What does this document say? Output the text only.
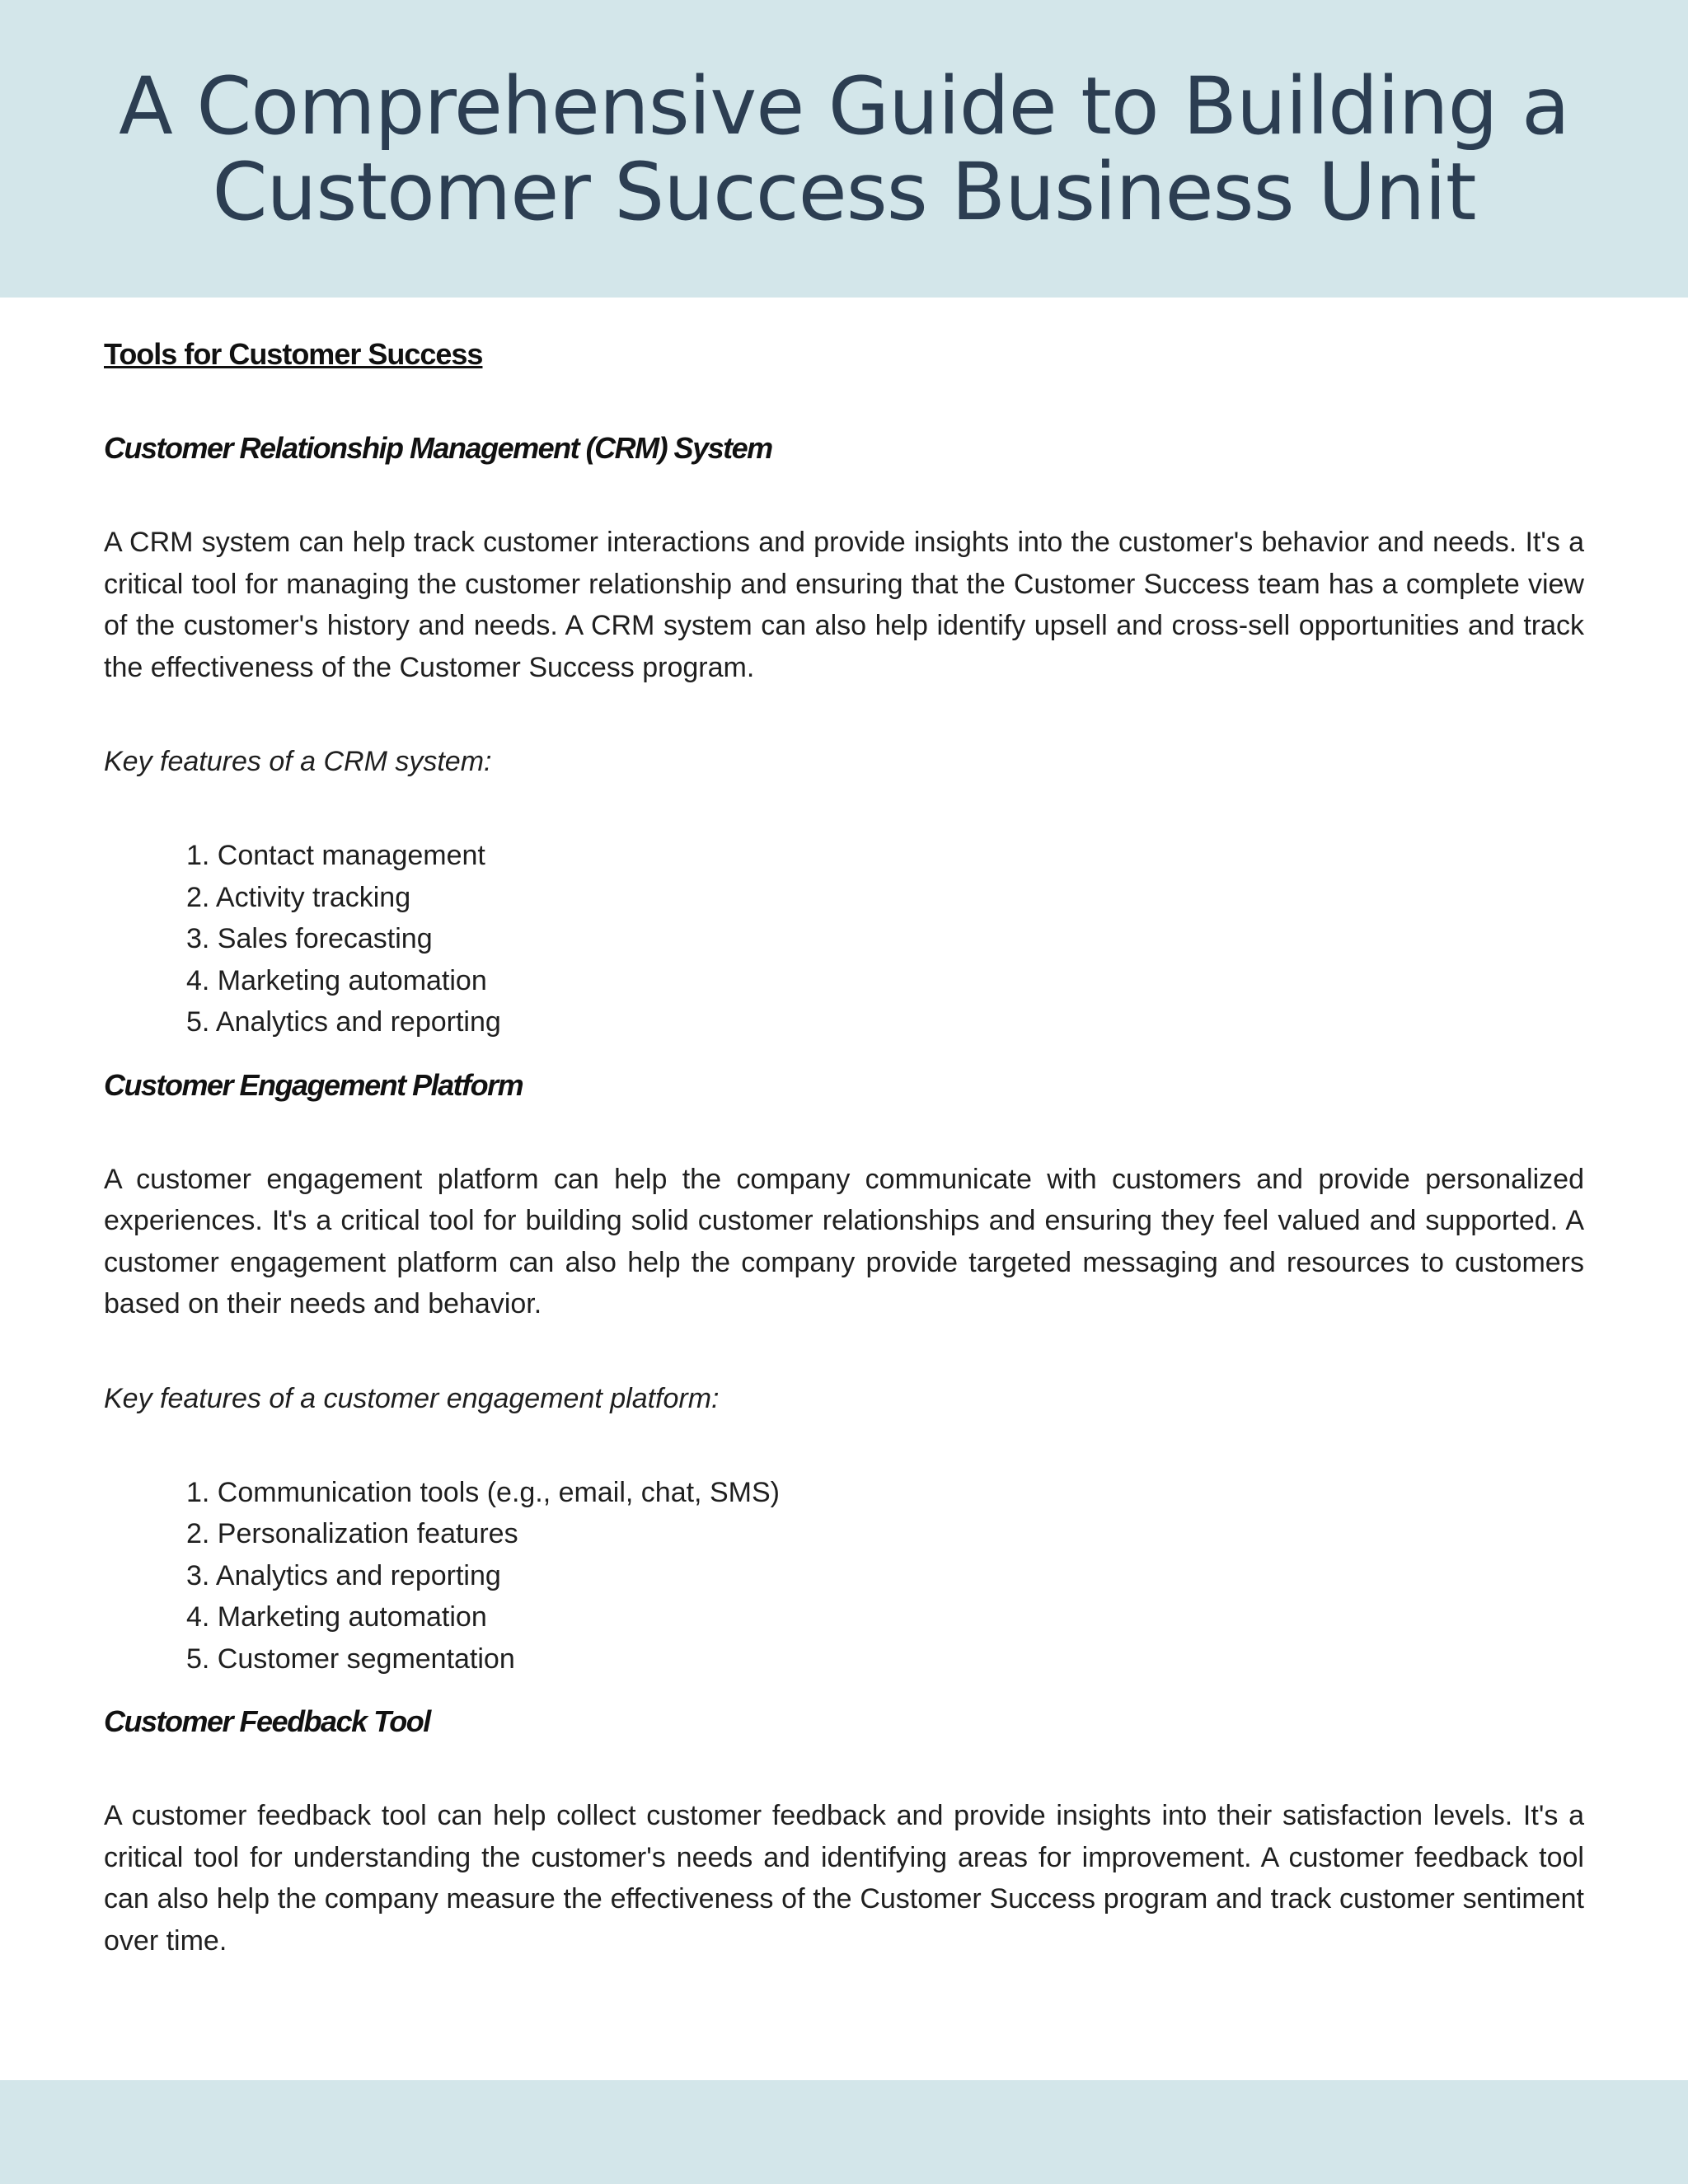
A Comprehensive Guide to Building a Customer Success Business Unit
Tools for Customer Success
Customer Relationship Management (CRM) System

A CRM system can help track customer interactions and provide insights into the customer's behavior and needs. It's a critical tool for managing the customer relationship and ensuring that the Customer Success team has a complete view of the customer's history and needs. A CRM system can also help identify upsell and cross-sell opportunities and track the effectiveness of the Customer Success program.

Key features of a CRM system:

1. Contact management
2. Activity tracking
3. Sales forecasting
4. Marketing automation
5. Analytics and reporting
Customer Engagement Platform

A customer engagement platform can help the company communicate with customers and provide personalized experiences. It's a critical tool for building solid customer relationships and ensuring they feel valued and supported. A customer engagement platform can also help the company provide targeted messaging and resources to customers based on their needs and behavior.

Key features of a customer engagement platform:

1. Communication tools (e.g., email, chat, SMS)
2. Personalization features
3. Analytics and reporting
4. Marketing automation
5. Customer segmentation
Customer Feedback Tool

A customer feedback tool can help collect customer feedback and provide insights into their satisfaction levels. It's a critical tool for understanding the customer's needs and identifying areas for improvement. A customer feedback tool can also help the company measure the effectiveness of the Customer Success program and track customer sentiment over time.
